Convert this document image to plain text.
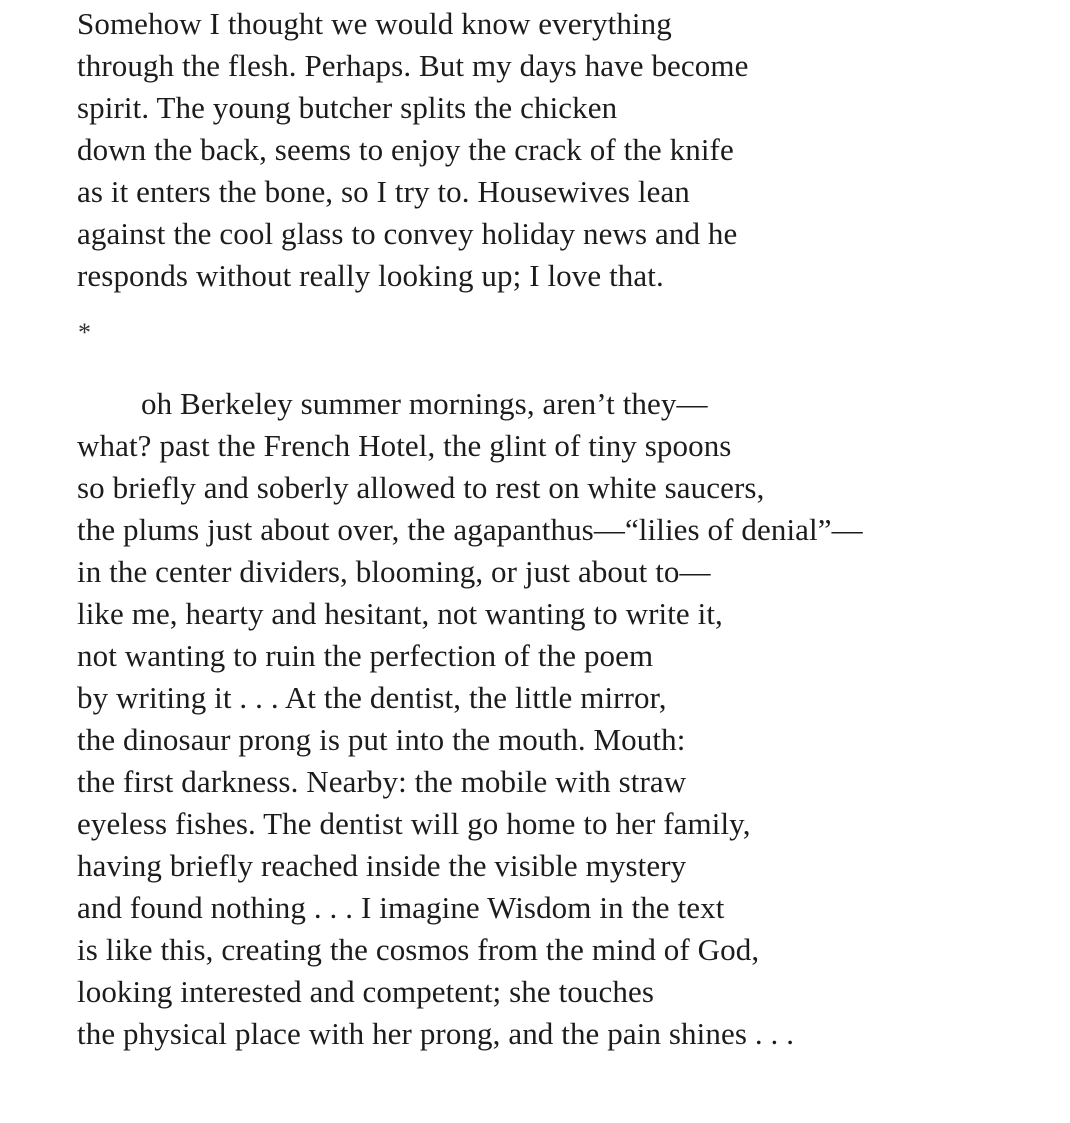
Somehow I thought we would know everything
through the flesh. Perhaps. But my days have become
spirit. The young butcher splits the chicken
down the back, seems to enjoy the crack of the knife
as it enters the bone, so I try to. Housewives lean
against the cool glass to convey holiday news and he
responds without really looking up; I love that.
*
oh Berkeley summer mornings, aren’t they—
what? past the French Hotel, the glint of tiny spoons
so briefly and soberly allowed to rest on white saucers,
the plums just about over, the agapanthus—“lilies of denial”—
in the center dividers, blooming, or just about to—
like me, hearty and hesitant, not wanting to write it,
not wanting to ruin the perfection of the poem
by writing it . . . At the dentist, the little mirror,
the dinosaur prong is put into the mouth. Mouth:
the first darkness. Nearby: the mobile with straw
eyeless fishes. The dentist will go home to her family,
having briefly reached inside the visible mystery
and found nothing . . . I imagine Wisdom in the text
is like this, creating the cosmos from the mind of God,
looking interested and competent; she touches
the physical place with her prong, and the pain shines . . .
